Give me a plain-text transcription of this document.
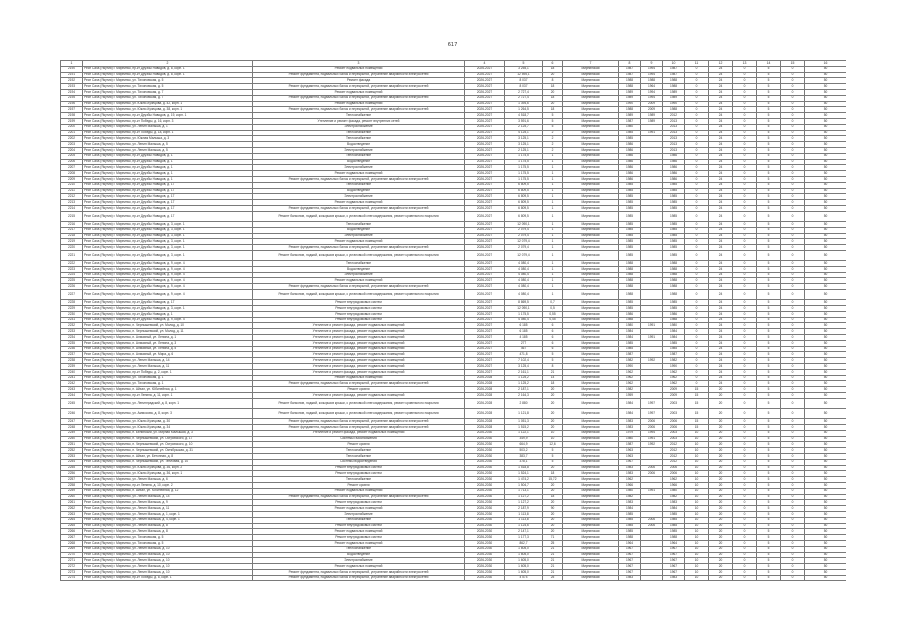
617
1	2	3	4	5	6	7	8	9	10	11	12	13	14	15	16
2190	Респ Саха (Якутия) г. Мирнинск, пр-кт Друзбы Наводов, д. 8, корп. 1	Ремонт подвальных помещений	2026-2027	3 255,1	18	Мирнинская	1987	1994	1987	0	24	0	5	0	50
2191	Респ Саха (Якутия) г. Мирнинск, пр-кт Друзбы Наводов, д. 8, корп. 1	Ремонт фундамента, подвальных балок и перекрытий, устранение аварийности электросетей	2026-2027	12 595,1	20	Мирнинская	1987	1994	1987	0	24	0	5	0	50
2192	Респ Саха (Якутия) г. Мирнинск, ул. Тихоновская, д. 5	Ремонт фасада	2026-2027	8 037	8	Мирнинская	1988	1988	1988	0	24	0	5	0	50
2193	Респ Саха (Якутия) г. Мирнинск, ул. Тихоновская, д. 5	Ремонт фундамента, подвальных балок и перекрытий, устранение аварийности электросетей	2026-2027	8 037	18	Мирнинская	1988	1964	1988	0	24	0	5	0	50
2194	Респ Саха (Якутия) г. Мирнинск, ул. Тихоновская, д. 7	Ремонт подвальных помещений	2026-2027	2 727,4	20	Мирнинская	1989	1994	1989	0	24	0	5	0	50
2195	Респ Саха (Якутия) г. Мирнинск, ул. Тихоновская, д. 7	Ремонт фундамента, подвальных балок и перекрытий, устранение аварийности электросетей	2026-2027	2 727,4	18	Мирнинская	1989	1994	1989	0	24	0	5	0	50
2196	Респ Саха (Якутия) г. Мирнинск, ул. Южно-Кузецова, д. 42, корп. 1	Ремонт подвальных помещений	2026-2027	1 394,6	20	Мирнинская	1990	2009	1990	0	24	0	5	0	50
2197	Респ Саха (Якутия) г. Мирнинск, ул. Южно-Кузецова, д. 38, корп. 1	Ремонт фундамента, подвальных балок и перекрытий, устранение аварийности электросетей	2026-2027	1 264,5	18	Мирнинская	1988	2009	1988	0	24	0	5	0	50
2198	Респ Саха (Якутия) г. Мирнинск, пр-кт Друзбы Наводов, д. 19, корп. 1	Теплоснабжение	2026-2027	4 518,7	5	Мирнинская	1989	1989	2012	0	24	0	5	0	50
2199	Респ Саха (Якутия) г. Мирнинск, пр-кт Победы, д. 16, корп. 3	Утепление и ремонт фасада, ремонт внутренних сетей	2026-2027	3 591,6	5	Мирнинская	1987	1989	2013	0	24	0	5	0	50
2200	Респ Саха (Якутия) г. Мирнинск, ул. Ленин Малыша, д. 1	Электроснабжение	2026-2027	2 125,7	5	Мирнинская	1980		2013	0	24	0	5	0	50
2201	Респ Саха (Якутия) г. Мирнинск, пр-кт Победы, д. 18, корп. 1	Теплоснабжение	2026-2027	4 125,1	2	Мирнинская	1985	1991	2013	0	24	0	5	0	50
2202	Респ Саха (Якутия) г. Мирнинск, ул. Южная Малыша, д. 3	Теплоснабжение	2026-2027	3 125,1	2	Мирнинская	1985		2013	0	24	0	5	0	50
2203	Респ Саха (Якутия) г. Мирнинск, ул. Ленин Малыша, д. 5	Водоотведение	2026-2027	3 125,1	2	Мирнинская	1986		2013	0	24	0	5	0	50
2204	Респ Саха (Якутия) г. Мирнинск, ул. Ленин Малыша, д. 5	Электроснабжение	2026-2027	2 125,1	2	Мирнинская	1986		2013	0	24	0	5	0	50
2205	Респ Саха (Якутия) г. Мирнинск, пр-кт Друзбы Наводов, д. 1	Теплоснабжение	2026-2027	1 175,5	1	Мирнинская	1986		1986	0	24	0	5	0	50
2206	Респ Саха (Якутия) г. Мирнинск, пр-кт Друзбы Наводов, д. 1	Водоотведение	2026-2027	1 175,5	1	Мирнинская	1986		1986	0	24	0	5	0	50
2207	Респ Саха (Якутия) г. Мирнинск, пр-кт Друзбы Наводов, д. 1	Электроснабжение	2026-2027	1 175,5	1	Мирнинская	1986		1986	0	24	0	5	0	50
2208	Респ Саха (Якутия) г. Мирнинск, пр-кт Друзбы Наводов, д. 1	Ремонт подвальных помещений	2026-2027	1 175,5	1	Мирнинская	1986		1986	0	24	0	5	0	50
2209	Респ Саха (Якутия) г. Мирнинск, пр-кт Друзбы Наводов, д. 1	Ремонт фундамента, подвальных балок и перекрытий, устранение аварийности электросетей	2026-2027	1 175,5	1	Мирнинская	1986		1986	0	24	0	5	0	50
2210	Респ Саха (Якутия) г. Мирнинск, пр-кт Друзбы Наводов, д. 17	Теплоснабжение	2026-2027	6 809,5	1	Мирнинская	1985		1985	0	24	0	5	0	50
2211	Респ Саха (Якутия) г. Мирнинск, пр-кт Друзбы Наводов, д. 17	Водоотведение	2026-2027	6 809,5	1	Мирнинская	1985		1985	0	24	0	5	0	50
2212	Респ Саха (Якутия) г. Мирнинск, пр-кт Друзбы Наводов, д. 17	Электроснабжение	2026-2027	6 809,5	1	Мирнинская	1985		1985	0	24	0	5	0	50
2213	Респ Саха (Якутия) г. Мирнинск, пр-кт Друзбы Наводов, д. 17	Ремонт подвальных помещений	2026-2027	6 809,5	1	Мирнинская	1985		1985	0	24	0	5	0	50
2214	Респ Саха (Якутия) г. Мирнинск, пр-кт Друзбы Наводов, д. 17	Ремонт фундамента, подвальных балок и перекрытий, устранение аварийности электросетей	2026-2027	6 809,5	1	Мирнинская	1985		1985	0	24	0	5	0	50
2215	Респ Саха (Якутия) г. Мирнинск, пр-кт Друзбы Наводов, д. 17	Ремонт балконов, лоджий, козырьков крыши, с установкой снегозадержания, ремонт кровельного покрытия	2026-2027	6 809,5	1	Мирнинская	1985		1985	0	24	0	5	0	50
2216	Респ Саха (Якутия) г. Мирнинск, пр-кт Друзбы Наводов, д. 3, корп. 1	Теплоснабжение	2026-2027	12 090,1	1	Мирнинская	1985		1985	0	24	0	5	0	50
2217	Респ Саха (Якутия) г. Мирнинск, пр-кт Друзбы Наводов, д. 3, корп. 1	Водоотведение	2026-2027	2 079,4	1	Мирнинская	1985		1985	0	24	0	5	0	50
2218	Респ Саха (Якутия) г. Мирнинск, пр-кт Друзбы Наводов, д. 3, корп. 1	Электроснабжение	2026-2027	2 079,4	1	Мирнинская	1985		1985	0	24	0	5	0	50
2219	Респ Саха (Якутия) г. Мирнинск, пр-кт Друзбы Наводов, д. 3, корп. 1	Ремонт подвальных помещений	2026-2027	12 079,4	1	Мирнинская	1985		1985	0	24	0	5	0	50
2220	Респ Саха (Якутия) г. Мирнинск, пр-кт Друзбы Наводов, д. 3, корп. 1	Ремонт фундамента, подвальных балок и перекрытий, устранение аварийности электросетей	2026-2027	2 079,4	1	Мирнинская	1985		1985	0	24	0	5	0	50
2221	Респ Саха (Якутия) г. Мирнинск, пр-кт Друзбы Наводов, д. 3, корп. 1	Ремонт балконов, лоджий, козырьков крыши, с установкой снегозадержания, ремонт кровельного покрытия	2026-2027	12 079,4	1	Мирнинская	1985		1985	0	24	0	5	0	50
2222	Респ Саха (Якутия) г. Мирнинск, пр-кт Друзбы Наводов, д. 9, корп. 4	Теплоснабжение	2026-2027	4 080,4	1	Мирнинская	1988		1988	0	24	0	5	0	50
2223	Респ Саха (Якутия) г. Мирнинск, пр-кт Друзбы Наводов, д. 9, корп. 4	Водоотведение	2026-2027	4 080,4	1	Мирнинская	1988		1988	0	24	0	5	0	50
2224	Респ Саха (Якутия) г. Мирнинск, пр-кт Друзбы Наводов, д. 9, корп. 4	Электроснабжение	2026-2027	4 080,4	1	Мирнинская	1988		1988	0	24	0	5	0	50
2225	Респ Саха (Якутия) г. Мирнинск, пр-кт Друзбы Наводов, д. 9, корп. 4	Ремонт подвальных помещений	2026-2027	4 080,4	1	Мирнинская	1988		1988	0	24	0	5	0	50
2226	Респ Саха (Якутия) г. Мирнинск, пр-кт Друзбы Наводов, д. 9, корп. 4	Ремонт фундамента, подвальных балок и перекрытий, устранение аварийности электросетей	2026-2027	4 080,4	1	Мирнинская	1988		1988	0	24	0	5	0	50
2227	Респ Саха (Якутия) г. Мирнинск, пр-кт Друзбы Наводов, д. 9, корп. 4	Ремонт балконов, лоджий, козырьков крыши, с установкой снегозадержания, ремонт кровельного покрытия	2026-2027	4 080,4	1	Мирнинская	1988		1988	0	24	0	5	0	50
2228	Респ Саха (Якутия) г. Мирнинск, пр-кт Друзбы Наводов, д. 17	Ремонт внутридомовых систем	2026-2027	8 869,5	0,7	Мирнинская	1985		1985	0	24	0	5	0	50
2229	Респ Саха (Якутия) г. Мирнинск, пр-кт Друзбы Наводов, д. 3, корп. 1	Ремонт внутридомовых систем	2026-2027	12 090,1	0,5	Мирнинская	1985		1985	0	24	0	5	0	50
2230	Респ Саха (Якутия) г. Мирнинск, пр-кт Друзбы Наводов, д. 1	Ремонт внутридомовых систем	2026-2027	1 175,5	0,55	Мирнинская	1986		1986	0	24	0	5	0	50
2231	Респ Саха (Якутия) г. Мирнинск, пр-кт Друзбы Наводов, д. 9, корп. 4	Ремонт внутридомовых систем	2026-2027	4 080,4	0,45	Мирнинская	1988		1988	0	24	0	5	0	50
2232	Респ Саха (Якутия) г. Мирнинск, п. Чернышевский, ул. Молод, д. 10	Утепление и ремонт фасада, ремонт подвальных помещений	2026-2027	6 185	6	Мирнинская	1980	1991	1980	0	24	0	5	0	50
2233	Респ Саха (Якутия) г. Мирнинск, п. Чернышевский, ул. Молод, д. 11	Утепление и ремонт фасада, ремонт подвальных помещений	2026-2027	6 185	6	Мирнинская	1984		1984	0	24	0	5	0	50
2234	Респ Саха (Якутия) г. Мирнинск, п. Алмазный, ул. Ленина, д. 1	Утепление и ремонт фасада, ремонт подвальных помещений	2026-2027	4 185	6	Мирнинская	1984	1991	1984	0	24	0	5	0	50
2235	Респ Саха (Якутия) г. Мирнинск, п. Алмазный, ул. Ленина, д. 3	Утепление и ремонт фасада, ремонт подвальных помещений	2026-2027	277	6	Мирнинская	1985		1985	0	24	0	5	0	50
2236	Респ Саха (Якутия) г. Мирнинск, п. Алмазный, ул. Ленина, д. 5	Утепление и ремонт фасада, ремонт подвальных помещений	2026-2027	467	6	Мирнинская	1985		1985	0	24	0	5	0	50
2237	Респ Саха (Якутия) г. Мирнинск, п. Алмазный, ул. Мира, д. 6	Утепление и ремонт фасада, ремонт подвальных помещений	2026-2027	471,8	5	Мирнинская	1987		1987	0	24	0	5	0	50
2238	Респ Саха (Якутия) г. Мирнинск, ул. Ленин Малыша, д. 14	Утепление и ремонт фасада, ремонт подвальных помещений	2026-2027	7 102,4	5	Мирнинская	1982	1992	1982	0	24	0	5	0	50
2239	Респ Саха (Якутия) г. Мирнинск, ул. Ленин Малыша, д. 11	Утепление и ремонт фасада, ремонт подвальных помещений	2026-2027	3 125,4	8	Мирнинская	1990		1990	0	24	0	5	0	50
2240	Респ Саха (Якутия) г. Мирнинск, пр-кт Победы, д. 2, корп. 1	Утепление и ремонт фасада, ремонт подвальных помещений	2026-2027	2 161,1	21	Мирнинская	1962		1962	0	24	0	5	0	50
2241	Респ Саха (Якутия) г. Мирнинск, ул. Тихоновская, д. 1	Ремонт подвальных помещений	2026-2028	1 125,2	14	Мирнинская	1962		1962	0	24	0	5	0	50
2242	Респ Саха (Якутия) г. Мирнинск, ул. Тихоновская, д. 1	Ремонт фундамента, подвальных балок и перекрытий, устранение аварийности электросетей	2026-2028	1 125,2	18	Мирнинская	1962		1962	0	24	0	5	0	50
2243	Респ Саха (Якутия) г. Мирнинск, п. Айхал, ул. Юбилейная, д. 1	Ремонт кровли	2026-2028	2 187,1	20	Мирнинская	1982		2009	15	20	0	5	0	50
2244	Респ Саха (Якутия) г. Мирнинск, пр-кт Ленина, д. 11, корп. 1	Утепление и ремонт фасада, ремонт подвальных помещений	2026-2028	2 164,3	20	Мирнинская	1959		2009	15	20	0	5	0	50
2245	Респ Саха (Якутия) г. Мирнинск, ул. Ленинградский, д. 8, корп. 1	Ремонт балконов, лоджий, козырьков крыши, с установкой снегозадержания, ремонт кровельного покрытия	2026-2028	2 880	20	Мирнинская	1984	1997	2003	15	20	0	5	0	50
2246	Респ Саха (Якутия) г. Мирнинск, ул. Аммосова, д. 8, корп. 3	Ремонт балконов, лоджий, козырьков крыши, с установкой снегозадержания, ремонт кровельного покрытия	2026-2028	1 121,8	20	Мирнинская	1984	1997	2003	15	20	0	5	0	50
2247	Респ Саха (Якутия) г. Мирнинск, ул. Южно-Кузецова, д. 30	Ремонт фундамента, подвальных балок и перекрытий, устранение аварийности электросетей	2026-2028	1 051,3	20	Мирнинская	1983	2006	2006	15	20	0	5	0	50
2248	Респ Саха (Якутия) г. Мирнинск, ул. Южно-Кузецова, д. 34	Ремонт фундамента, подвальных балок и перекрытий, устранение аварийности электросетей	2026-2028	1 515,2	20	Мирнинская	1983	2006	2006	15	20	0	5	0	50
2249	Респ Саха (Якутия) г. Мирнинск, п. Белинский, ул. Мирная Малышая, д. 3	Утепление и ремонт фасада, ремонт подвальных помещений	2026-2030	1 122,1	10	Мирнинская	1979	1994	2003	10	20	0	5	0	50
2250	Респ Саха (Якутия) г. Мирнинск, п. Чернышевский, ул. Островского, д. 17	Системы газоснабжения	2026-2030	349,9	10	Мирнинская	1980	1991	2003	10	20	0	5	0	50
2251	Респ Саха (Якутия) г. Мирнинск, п. Чернышевский, ул. Островского, д. 10	Ремонт кровли	2026-2030	664,9	12,6	Мирнинская	1987	1992	2012	10	20	0	5	0	50
2252	Респ Саха (Якутия) г. Мирнинск, п. Чернышевский, ул. Октябрьская, д. 31	Теплоснабжение	2026-2030	503,2	5	Мирнинская	1963		2012	10	20	0	5	0	50
2253	Респ Саха (Якутия) г. Мирнинск, п. Айхал, ул. Бетонная, д. 8	Теплоснабжение	2026-2030	383,7	5	Мирнинская	1963		2012	10	20	0	5	0	50
2254	Респ Саха (Якутия) г. Мирнинск, п. Чернышевский, ул. Тепловая, д. 10	Системы водоотведения	2026-2030	378,1	5	Мирнинская	1967		2012	10	20	0	5	0	50
2255	Респ Саха (Якутия) г. Мирнинск, ул. Южно-Кузецова, д. 36, корп. 2	Ремонт внутридомовых систем	2026-2030	1 518,8	20	Мирнинская	1983	2006	2006	10	20	0	5	0	50
2256	Респ Саха (Якутия) г. Мирнинск, ул. Южно-Кузецова, д. 36, корп. 1	Ремонт внутридомовых систем	2026-2030	1 524,1	18	Мирнинская	1983	2006	2006	10	20	0	5	0	50
2257	Респ Саха (Якутия) г. Мирнинск, ул. Ленин Малыша, д. 6	Теплоснабжение	2026-2030	1 474,2	15,72	Мирнинская	1962		1962	10	20	0	5	0	50
2258	Респ Саха (Якутия) г. Мирнинск, пр-кт Ленина, д. 10, корп. 2	Ремонт кровли	2026-2030	1 504,7	20	Мирнинская	1966		1966	10	20	0	5	0	50
2259	Респ Саха (Якутия) г. Мирнинск, п. Айхал, ул. Юбилейная, д. 12	Ремонт подвальных помещений	2026-2030	1 713,1	20	Мирнинская	1980	1991	1980	10	20	0	5	0	50
2260	Респ Саха (Якутия) г. Мирнинск, ул. Ленин Малыша, д. 14	Ремонт фундамента, подвальных балок и перекрытий, устранение аварийности электросетей	2026-2030	1 127,2	18	Мирнинская	1982		1982	10	20	0	5	0	50
2261	Респ Саха (Якутия) г. Мирнинск, ул. Ленин Малыша, д. 9	Ремонт внутридомовых систем	2026-2030	1 127,2	20	Мирнинская	1983		1983	10	20	0	5	0	50
2262	Респ Саха (Якутия) г. Мирнинск, ул. Ленин Малыша, д. 11	Ремонт подвальных помещений	2026-2030	2 187,9	90	Мирнинская	1984		1984	10	20	0	5	0	50
2263	Респ Саха (Якутия) г. Мирнинск, ул. Ленин Малыша, д. 1, корп. 1	Электроснабжение	2026-2030	1 113,8	20	Мирнинская	1985		1985	10	20	0	5	0	50
2264	Респ Саха (Якутия) г. Мирнинск, ул. Ленин Малыша, д. 4, корп. 1	Теплоснабжение	2026-2030	1 113,8	20	Мирнинская	1985	2006	1985	10	20	0	5	0	50
2265	Респ Саха (Якутия) г. Мирнинск, ул. Ленин Малыша, д. 8	Ремонт внутридомовых систем	2026-2030	1 124,6	20	Мирнинская	1985	2006	1985	10	20	0	5	0	50
2266	Респ Саха (Якутия) г. Мирнинск, ул. Ленин Малыша, д. 8	Ремонт подвальных помещений	2026-2030	2 147,1	20	Мирнинская	1985		1985	10	20	0	5	0	50
2267	Респ Саха (Якутия) г. Мирнинск, ул. Тихоновская, д. 5	Ремонт внутридомовых систем	2026-2030	1 177,3	71	Мирнинская	1988		1988	10	20	0	5	0	50
2268	Респ Саха (Якутия) г. Мирнинск, ул. Тихоновская, д. 5	Ремонт подвальных помещений	2026-2030	862,7	25	Мирнинская	1964		1964	10	20	0	5	0	50
2269	Респ Саха (Якутия) г. Мирнинск, ул. Ленин Малыша, д. 10	Теплоснабжение	2026-2030	1 605,0	21	Мирнинская	1967		1967	10	20	0	5	0	50
2270	Респ Саха (Якутия) г. Мирнинск, ул. Ленин Малыша, д. 10	Водоотведение	2026-2030	1 605,0	21	Мирнинская	1967		1967	10	20	0	5	0	50
2271	Респ Саха (Якутия) г. Мирнинск, ул. Ленин Малыша, д. 10	Электроснабжение	2026-2030	1 605,0	21	Мирнинская	1967		1967	10	20	0	5	0	50
2272	Респ Саха (Якутия) г. Мирнинск, ул. Ленин Малыша, д. 10	Ремонт подвальных помещений	2026-2030	1 605,0	21	Мирнинская	1967		1967	10	20	0	5	0	50
2273	Респ Саха (Якутия) г. Мирнинск, ул. Ленин Малыша, д. 10	Ремонт фундамента, подвальных балок и перекрытий, устранение аварийности электросетей	2026-2030	1 605,0	21	Мирнинская	1967		1967	10	20	0	5	0	50
2274	Респ Саха (Якутия) г. Мирнинск, пр-кт Победы, д. 8, корп. 1	Ремонт фундамента, подвальных балок и перекрытий, устранение аварийности электросетей	2026-2030	4 574	25	Мирнинская	1983		1983	10	20	0	5	0	50
